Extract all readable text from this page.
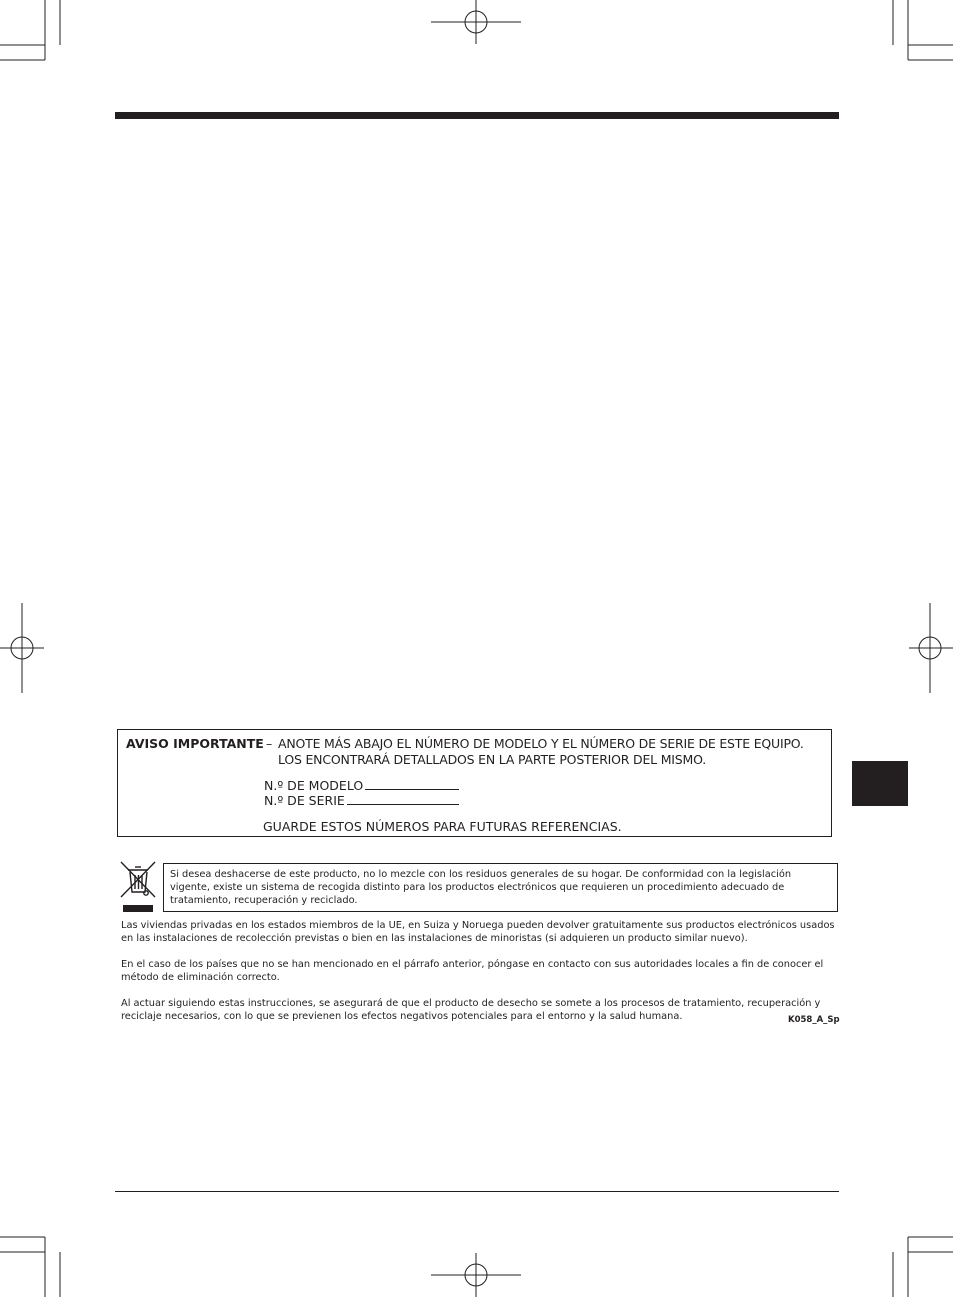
AVISO IMPORTANTE – ANOTE MÁS ABAJO EL NÚMERO DE MODELO Y EL NÚMERO DE SERIE DE ESTE EQUIPO.
LOS ENCONTRARÁ DETALLADOS EN LA PARTE POSTERIOR DEL MISMO.
N.º DE MODELO
N.º DE SERIE
GUARDE ESTOS NÚMEROS PARA FUTURAS REFERENCIAS.
Si desea deshacerse de este producto, no lo mezcle con los residuos generales de su hogar. De conformidad con la legislación vigente, existe un sistema de recogida distinto para los productos electrónicos que requieren un procedimiento adecuado de tratamiento, recuperación y reciclado.
Las viviendas privadas en los estados miembros de la UE, en Suiza y Noruega pueden devolver gratuitamente sus productos electrónicos usados en las instalaciones de recolección previstas o bien en las instalaciones de minoristas (si adquieren un producto similar nuevo).
En el caso de los países que no se han mencionado en el párrafo anterior, póngase en contacto con sus autoridades locales a fin de conocer el método de eliminación correcto.
Al actuar siguiendo estas instrucciones, se asegurará de que el producto de desecho se somete a los procesos de tratamiento, recuperación y reciclaje necesarios, con lo que se previenen los efectos negativos potenciales para el entorno y la salud humana.	K058_A_Sp
